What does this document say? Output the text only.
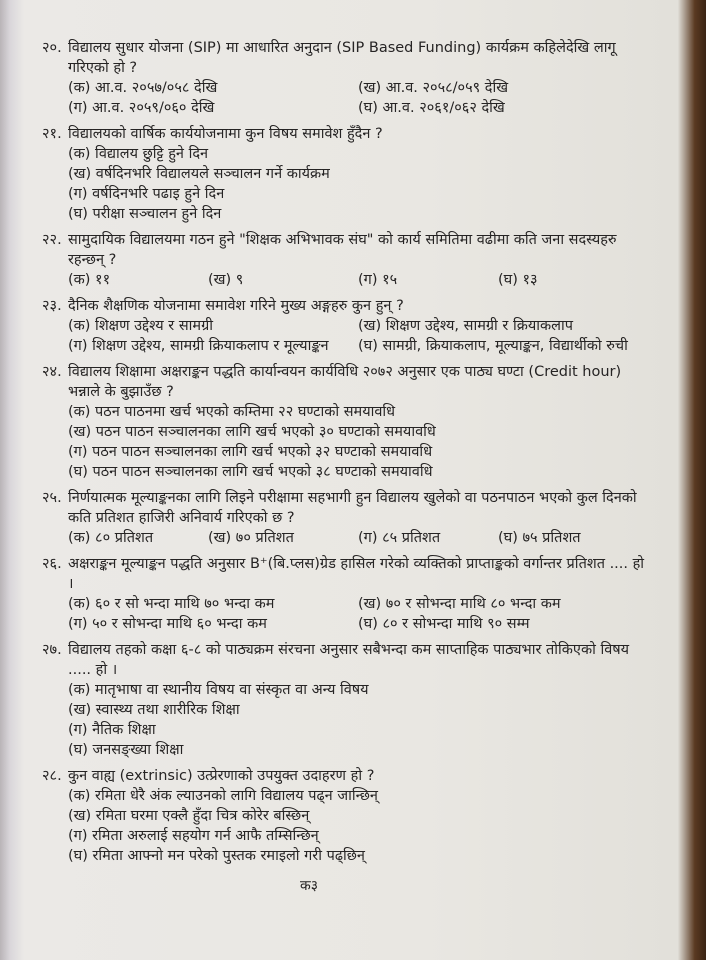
२०. विद्यालय सुधार योजना (SIP) मा आधारित अनुदान (SIP Based Funding) कार्यक्रम कहिलेदेखि लागू गरिएको हो ?
(क) आ.व. २०५७/०५८ देखि	(ख) आ.व. २०५८/०५९ देखि
(ग) आ.व. २०५९/०६० देखि	(घ) आ.व. २०६१/०६२ देखि
२१. विद्यालयको वार्षिक कार्ययोजनामा कुन विषय समावेश हुँदैन ?
(क) विद्यालय छुट्टि हुने दिन
(ख) वर्षदिनभरि विद्यालयले सञ्चालन गर्ने कार्यक्रम
(ग) वर्षदिनभरि पढाइ हुने दिन
(घ) परीक्षा सञ्चालन हुने दिन
२२. सामुदायिक विद्यालयमा गठन हुने "शिक्षक अभिभावक संघ" को कार्य समितिमा वढीमा कति जना सदस्यहरु रहन्छन् ?
(क) ११	(ख) ९	(ग) १५	(घ) १३
२३. दैनिक शैक्षणिक योजनामा समावेश गरिने मुख्य अङ्गहरु कुन हुन् ?
(क) शिक्षण उद्देश्य र सामग्री	(ख) शिक्षण उद्देश्य, सामग्री र क्रियाकलाप
(ग) शिक्षण उद्देश्य, सामग्री क्रियाकलाप र मूल्याङ्कन	(घ) सामग्री, क्रियाकलाप, मूल्याङ्कन, विद्यार्थीको रुची
२४. विद्यालय शिक्षामा अक्षराङ्कन पद्धति कार्यान्वयन कार्यविधि २०७२ अनुसार एक पाठ्य घण्टा (Credit hour) भन्नाले के बुझाउँछ ?
(क) पठन पाठनमा खर्च भएको कम्तिमा २२ घण्टाको समयावधि
(ख) पठन पाठन सञ्चालनका लागि खर्च भएको ३० घण्टाको समयावधि
(ग) पठन पाठन सञ्चालनका लागि खर्च भएको ३२ घण्टाको समयावधि
(घ) पठन पाठन सञ्चालनका लागि खर्च भएको ३८ घण्टाको समयावधि
२५. निर्णयात्मक मूल्याङ्कनका लागि लिइने परीक्षामा सहभागी हुन विद्यालय खुलेको वा पठनपाठन भएको कुल दिनको कति प्रतिशत हाजिरी अनिवार्य गरिएको छ ?
(क) ८० प्रतिशत	(ख) ७० प्रतिशत	(ग) ८५ प्रतिशत	(घ) ७५ प्रतिशत
२६. अक्षराङ्कन मूल्याङ्कन पद्धति अनुसार B⁺(बि.प्लस)ग्रेड हासिल गरेको व्यक्तिको प्राप्ताङ्कको वर्गान्तर प्रतिशत .... हो ।
(क) ६० र सो भन्दा माथि ७० भन्दा कम	(ख) ७० र सोभन्दा माथि ८० भन्दा कम
(ग) ५० र सोभन्दा माथि ६० भन्दा कम	(घ) ८० र सोभन्दा माथि ९० सम्म
२७. विद्यालय तहको कक्षा ६-८ को पाठ्यक्रम संरचना अनुसार सबैभन्दा कम साप्ताहिक पाठ्यभार तोकिएको विषय ..... हो ।
(क) मातृभाषा वा स्थानीय विषय वा संस्कृत वा अन्य विषय
(ख) स्वास्थ्य तथा शारीरिक शिक्षा
(ग) नैतिक शिक्षा
(घ) जनसङ्ख्या शिक्षा
२८. कुन वाह्य (extrinsic) उत्प्रेरणाको उपयुक्त उदाहरण हो ?
(क) रमिता धेरै अंक ल्याउनको लागि विद्यालय पढ्न जान्छिन्
(ख) रमिता घरमा एक्लै हुँदा चित्र कोरेर बस्छिन्
(ग) रमिता अरुलाई सहयोग गर्न आफै तम्सिन्छिन्
(घ) रमिता आफ्नो मन परेको पुस्तक रमाइलो गरी पढ्छिन्
क३
